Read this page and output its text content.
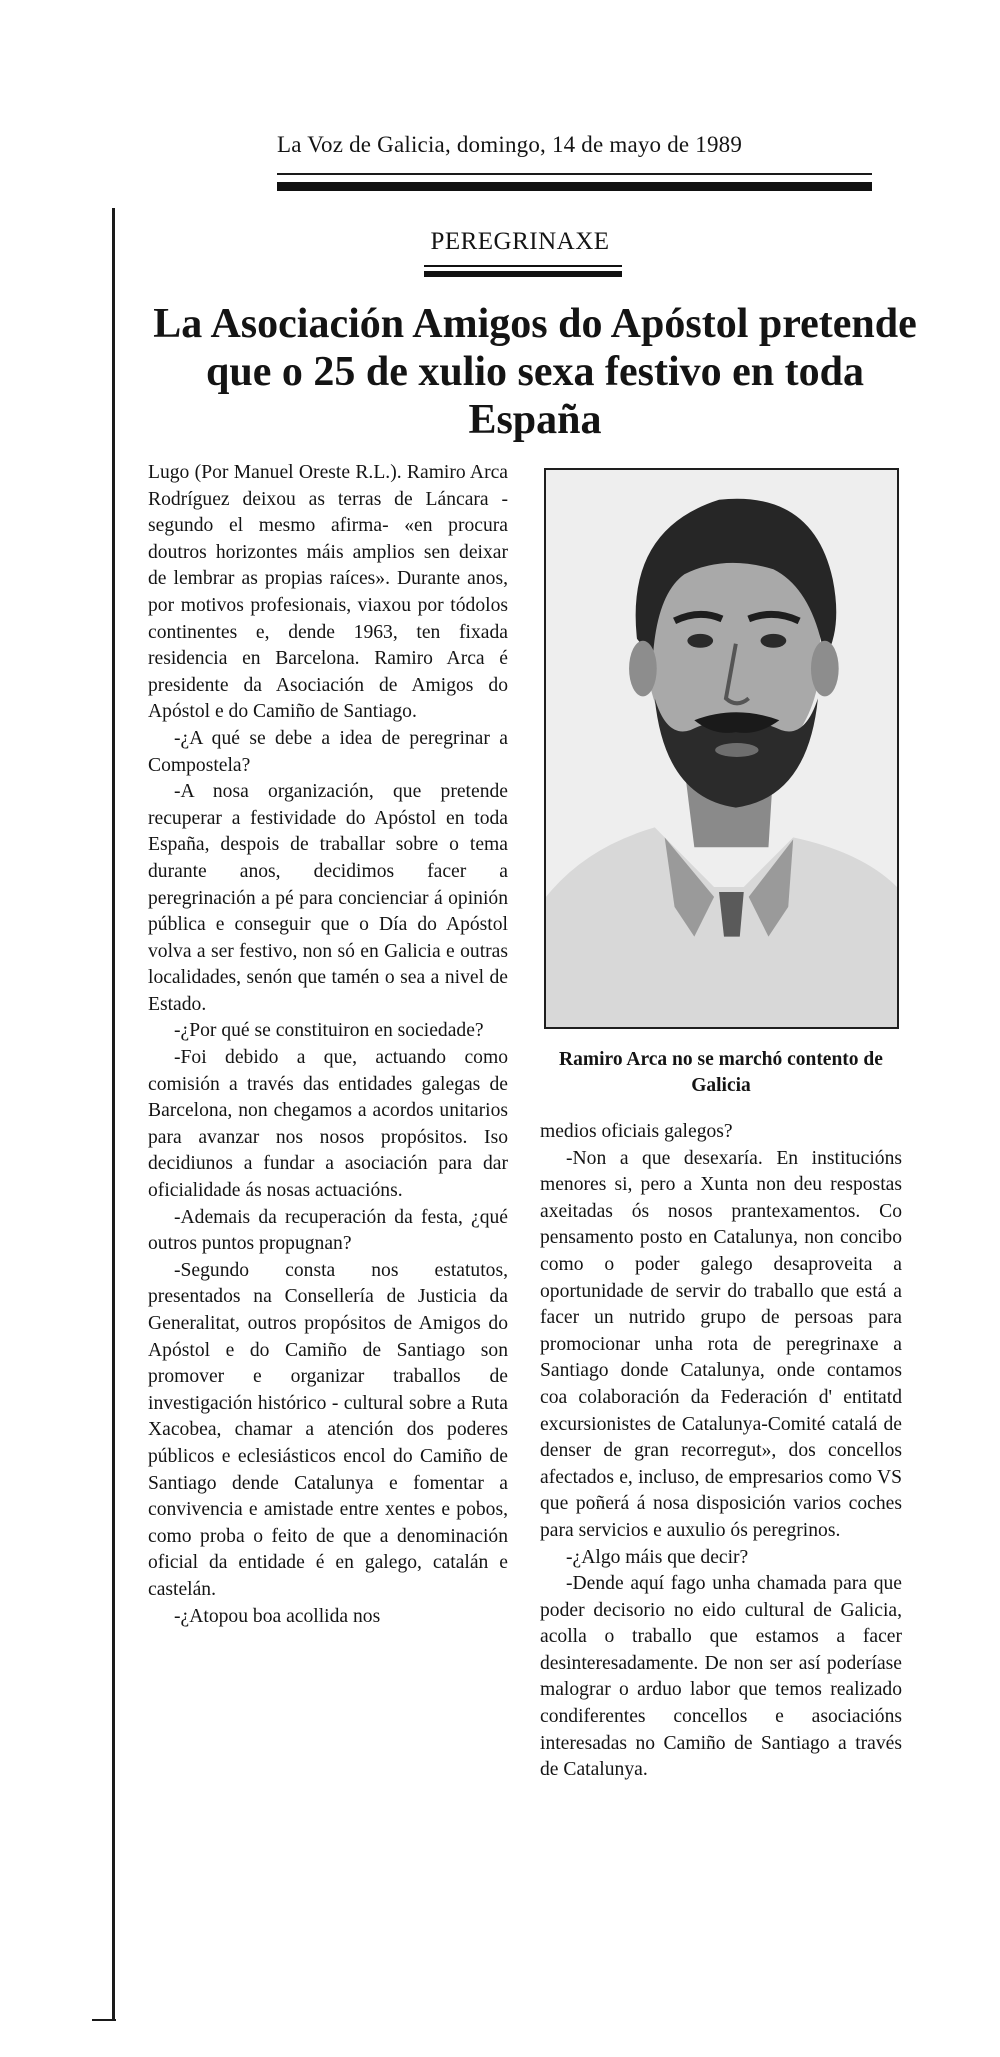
La Voz de Galicia, domingo, 14 de mayo de 1989
PEREGRINAXE
La Asociación Amigos do Apóstol pretende que o 25 de xulio sexa festivo en toda España

Lugo (Por Manuel Oreste R.L.). Ramiro Arca Rodríguez deixou as terras de Láncara - segundo el mesmo afirma- «en procura doutros horizontes máis amplios sen deixar de lembrar as propias raíces». Durante anos, por motivos profesionais, viaxou por tódolos continentes e, dende 1963, ten fixada residencia en Barcelona. Ramiro Arca é presidente da Asociación de Amigos do Apóstol e do Camiño de Santiago.

-¿A qué se debe a idea de peregrinar a Compostela?

-A nosa organización, que pretende recuperar a festividade do Apóstol en toda España, despois de traballar sobre o tema durante anos, decidimos facer a peregrinación a pé para concienciar á opinión pública e conseguir que o Día do Apóstol volva a ser festivo, non só en Galicia e outras localidades, senón que tamén o sea a nivel de Estado.

-¿Por qué se constituiron en sociedade?

-Foi debido a que, actuando como comisión a través das entidades galegas de Barcelona, non chegamos a acordos unitarios para avanzar nos nosos propósitos. Iso decidiunos a fundar a asociación para dar oficialidade ás nosas actuacións.

-Ademais da recuperación da festa, ¿qué outros puntos propugnan?

-Segundo consta nos estatutos, presentados na Consellería de Justicia da Generalitat, outros propósitos de Amigos do Apóstol e do Camiño de Santiago son promover e organizar traballos de investigación histórico - cultural sobre a Ruta Xacobea, chamar a atención dos poderes públicos e eclesiásticos encol do Camiño de Santiago dende Catalunya e fomentar a convivencia e amistade entre xentes e pobos, como proba o feito de que a denominación oficial da entidade é en galego, catalán e castelán.

-¿Atopou boa acollida nos

Ramiro Arca no se marchó contento de Galicia

medios oficiais galegos?

-Non a que desexaría. En institucións menores si, pero a Xunta non deu respostas axeitadas ós nosos prantexamentos. Co pensamento posto en Catalunya, non concibo como o poder galego desaproveita a oportunidade de servir do traballo que está a facer un nutrido grupo de persoas para promocionar unha rota de peregrinaxe a Santiago donde Catalunya, onde contamos coa colaboración da Federación d' entitatd excursionistes de Catalunya-Comité catalá de denser de gran recorregut», dos concellos afectados e, incluso, de empresarios como VS que poñerá á nosa disposición varios coches para servicios e auxulio ós peregrinos.

-¿Algo máis que decir?

-Dende aquí fago unha chamada para que poder decisorio no eido cultural de Galicia, acolla o traballo que estamos a facer desinteresadamente. De non ser así poderíase malograr o arduo labor que temos realizado condiferentes concellos e asociacións interesadas no Camiño de Santiago a través de Catalunya.
